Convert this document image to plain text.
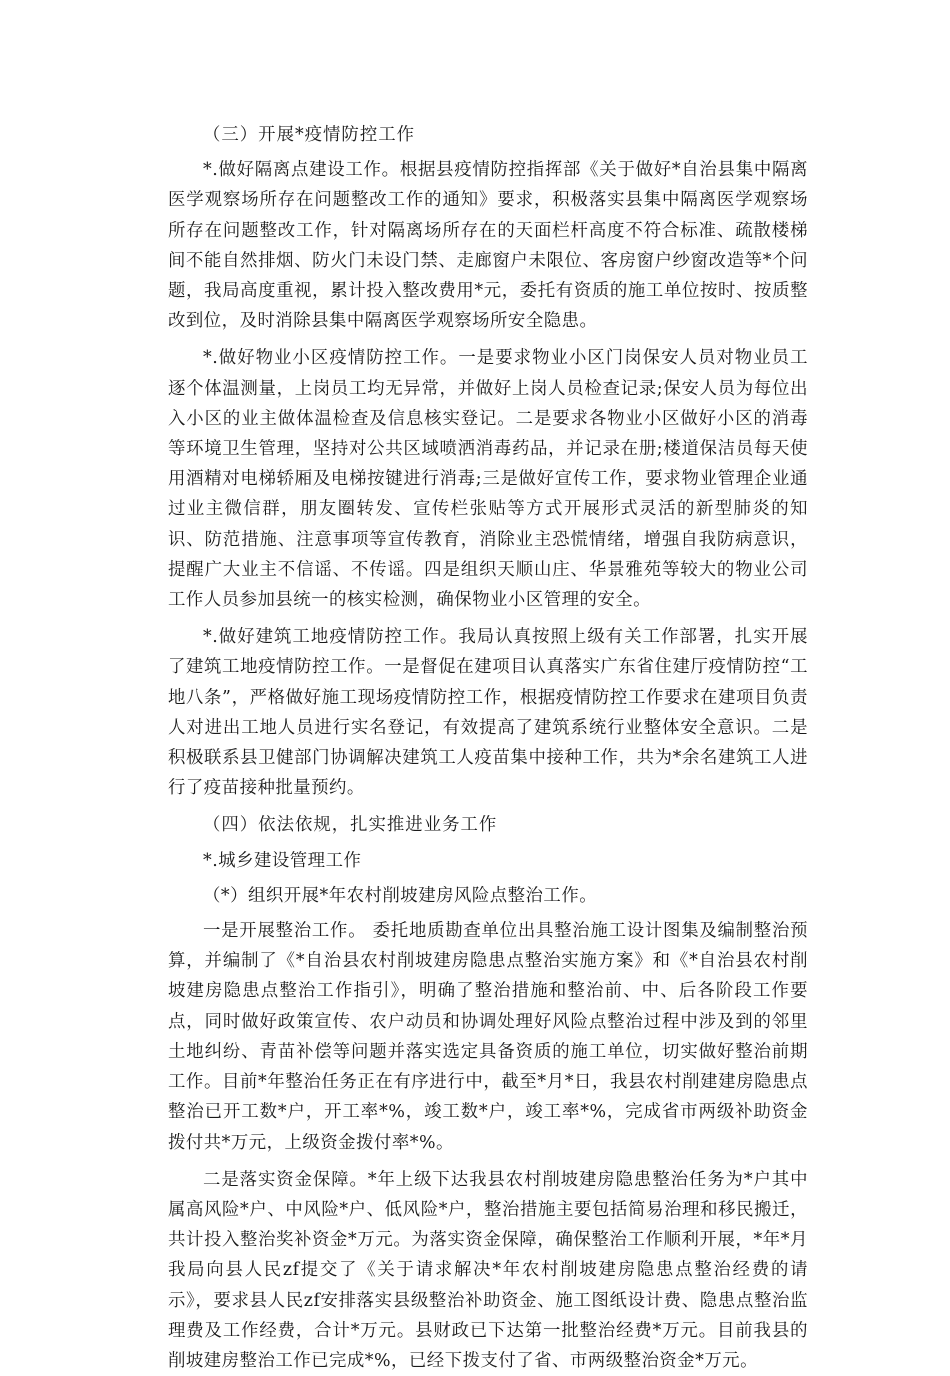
（三）开展*疫情防控工作

*.做好隔离点建设工作。根据县疫情防控指挥部《关于做好*自治县集中隔离医学观察场所存在问题整改工作的通知》要求，积极落实县集中隔离医学观察场所存在问题整改工作，针对隔离场所存在的天面栏杆高度不符合标准、疏散楼梯间不能自然排烟、防火门未设门禁、走廊窗户未限位、客房窗户纱窗改造等*个问题，我局高度重视，累计投入整改费用*元，委托有资质的施工单位按时、按质整改到位，及时消除县集中隔离医学观察场所安全隐患。

*.做好物业小区疫情防控工作。一是要求物业小区门岗保安人员对物业员工逐个体温测量，上岗员工均无异常，并做好上岗人员检查记录;保安人员为每位出入小区的业主做体温检查及信息核实登记。二是要求各物业小区做好小区的消毒等环境卫生管理，坚持对公共区域喷洒消毒药品，并记录在册;楼道保洁员每天使用酒精对电梯轿厢及电梯按键进行消毒;三是做好宣传工作，要求物业管理企业通过业主微信群，朋友圈转发、宣传栏张贴等方式开展形式灵活的新型肺炎的知识、防范措施、注意事项等宣传教育，消除业主恐慌情绪，增强自我防病意识，提醒广大业主不信谣、不传谣。四是组织天顺山庄、华景雅苑等较大的物业公司工作人员参加县统一的核实检测，确保物业小区管理的安全。

*.做好建筑工地疫情防控工作。我局认真按照上级有关工作部署，扎实开展了建筑工地疫情防控工作。一是督促在建项目认真落实广东省住建厅疫情防控“工地八条”，严格做好施工现场疫情防控工作，根据疫情防控工作要求在建项目负责人对进出工地人员进行实名登记，有效提高了建筑系统行业整体安全意识。二是积极联系县卫健部门协调解决建筑工人疫苗集中接种工作，共为*余名建筑工人进行了疫苗接种批量预约。

（四）依法依规，扎实推进业务工作

*.城乡建设管理工作

（*）组织开展*年农村削坡建房风险点整治工作。

一是开展整治工作。 委托地质勘查单位出具整治施工设计图集及编制整治预算，并编制了《*自治县农村削坡建房隐患点整治实施方案》和《*自治县农村削坡建房隐患点整治工作指引》，明确了整治措施和整治前、中、后各阶段工作要点，同时做好政策宣传、农户动员和协调处理好风险点整治过程中涉及到的邻里土地纠纷、青苗补偿等问题并落实选定具备资质的施工单位，切实做好整治前期工作。目前*年整治任务正在有序进行中，截至*月*日，我县农村削建建房隐患点整治已开工数*户，开工率*%，竣工数*户，竣工率*%，完成省市两级补助资金拨付共*万元，上级资金拨付率*%。

二是落实资金保障。*年上级下达我县农村削坡建房隐患整治任务为*户其中属高风险*户、中风险*户、低风险*户，整治措施主要包括简易治理和移民搬迁，共计投入整治奖补资金*万元。为落实资金保障，确保整治工作顺利开展，*年*月我局向县人民zf提交了《关于请求解决*年农村削坡建房隐患点整治经费的请示》，要求县人民zf安排落实县级整治补助资金、施工图纸设计费、隐患点整治监理费及工作经费，合计*万元。县财政已下达第一批整治经费*万元。目前我县的削坡建房整治工作已完成*%，已经下拨支付了省、市两级整治资金*万元。
